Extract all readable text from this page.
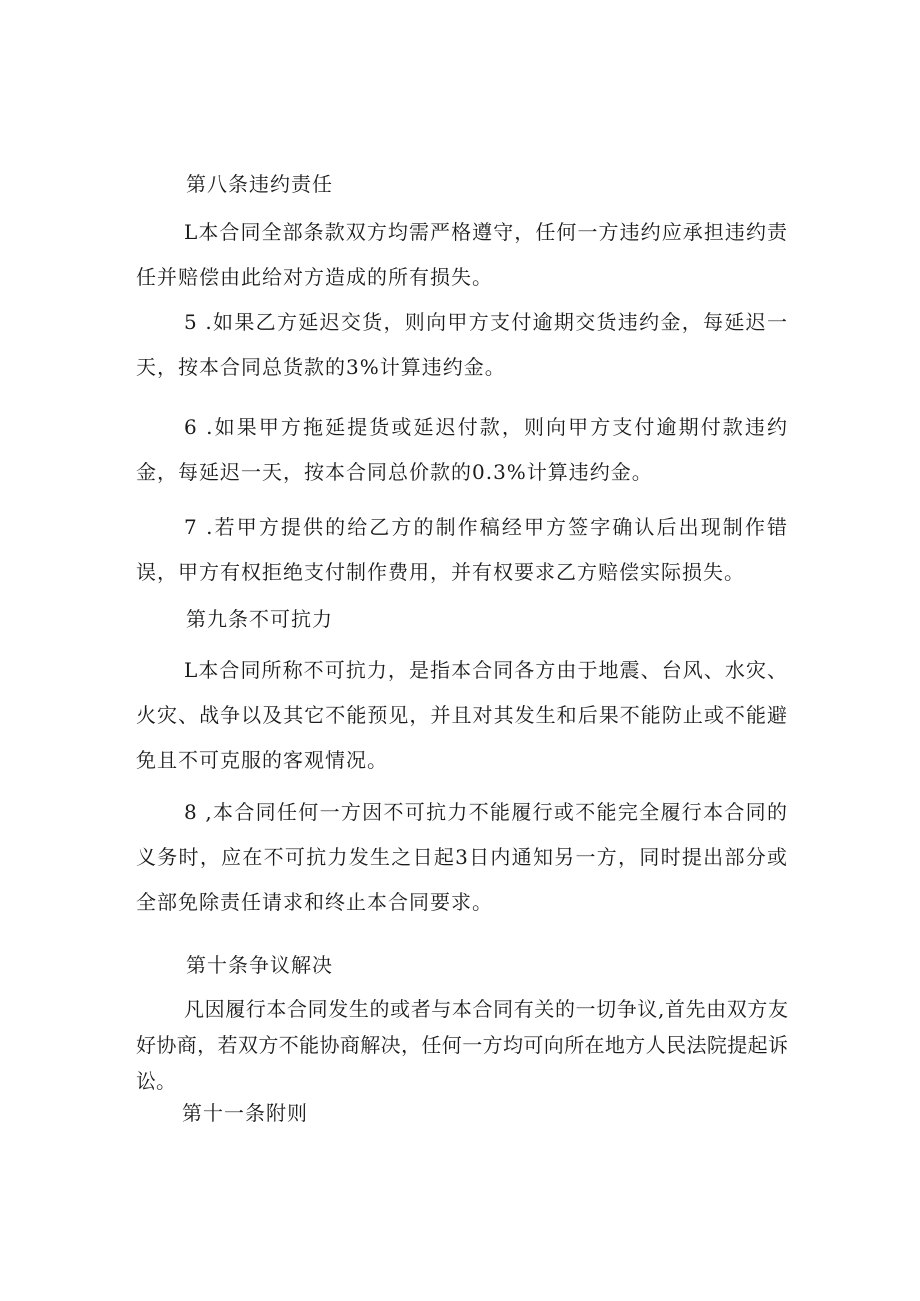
第八条违约责任
L本合同全部条款双方均需严格遵守，任何一方违约应承担违约责任并赔偿由此给对方造成的所有损失。
5 .如果乙方延迟交货，则向甲方支付逾期交货违约金，每延迟一天，按本合同总货款的3%计算违约金。
6 .如果甲方拖延提货或延迟付款，则向甲方支付逾期付款违约金，每延迟一天，按本合同总价款的0.3%计算违约金。
7 .若甲方提供的给乙方的制作稿经甲方签字确认后出现制作错误，甲方有权拒绝支付制作费用，并有权要求乙方赔偿实际损失。
第九条不可抗力
L本合同所称不可抗力，是指本合同各方由于地震、台风、水灾、火灾、战争以及其它不能预见，并且对其发生和后果不能防止或不能避免且不可克服的客观情况。
8 ,本合同任何一方因不可抗力不能履行或不能完全履行本合同的义务时，应在不可抗力发生之日起3日内通知另一方，同时提出部分或全部免除责任请求和终止本合同要求。
第十条争议解决
凡因履行本合同发生的或者与本合同有关的一切争议,首先由双方友好协商，若双方不能协商解决，任何一方均可向所在地方人民法院提起诉讼。
第十一条附则
